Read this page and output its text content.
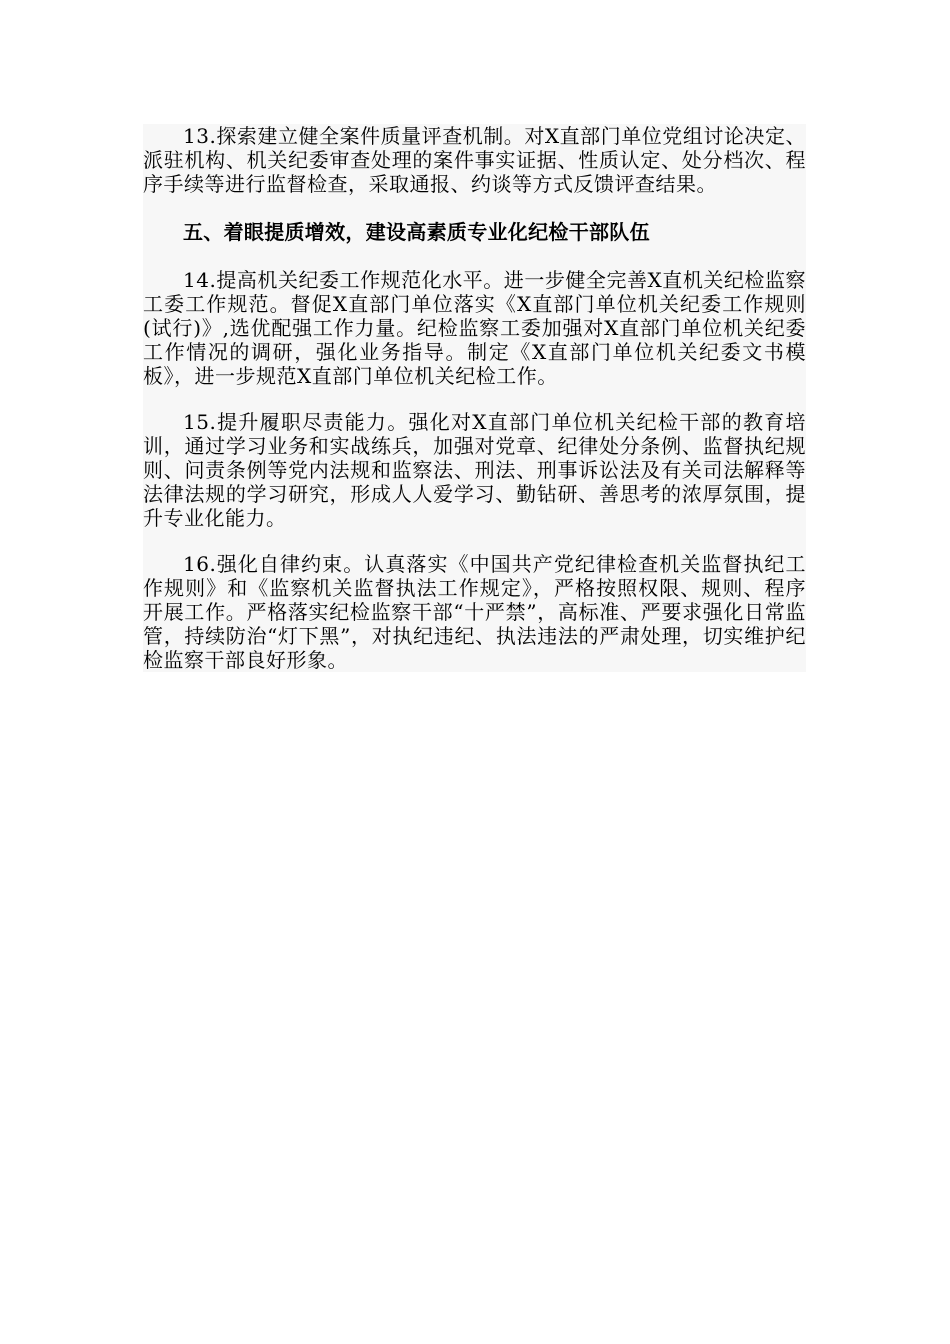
13.探索建立健全案件质量评查机制。对X直部门单位党组讨论决定、派驻机构、机关纪委审查处理的案件事实证据、性质认定、处分档次、程序手续等进行监督检查，采取通报、约谈等方式反馈评查结果。

五、着眼提质增效，建设高素质专业化纪检干部队伍

14.提高机关纪委工作规范化水平。进一步健全完善X直机关纪检监察工委工作规范。督促X直部门单位落实《X直部门单位机关纪委工作规则(试行)》,选优配强工作力量。纪检监察工委加强对X直部门单位机关纪委工作情况的调研，强化业务指导。制定《X直部门单位机关纪委文书模板》，进一步规范X直部门单位机关纪检工作。

15.提升履职尽责能力。强化对X直部门单位机关纪检干部的教育培训，通过学习业务和实战练兵，加强对党章、纪律处分条例、监督执纪规则、问责条例等党内法规和监察法、刑法、刑事诉讼法及有关司法解释等法律法规的学习研究，形成人人爱学习、勤钻研、善思考的浓厚氛围，提升专业化能力。

16.强化自律约束。认真落实《中国共产党纪律检查机关监督执纪工作规则》和《监察机关监督执法工作规定》，严格按照权限、规则、程序开展工作。严格落实纪检监察干部“十严禁”，高标准、严要求强化日常监管，持续防治“灯下黑”，对执纪违纪、执法违法的严肃处理，切实维护纪检监察干部良好形象。
